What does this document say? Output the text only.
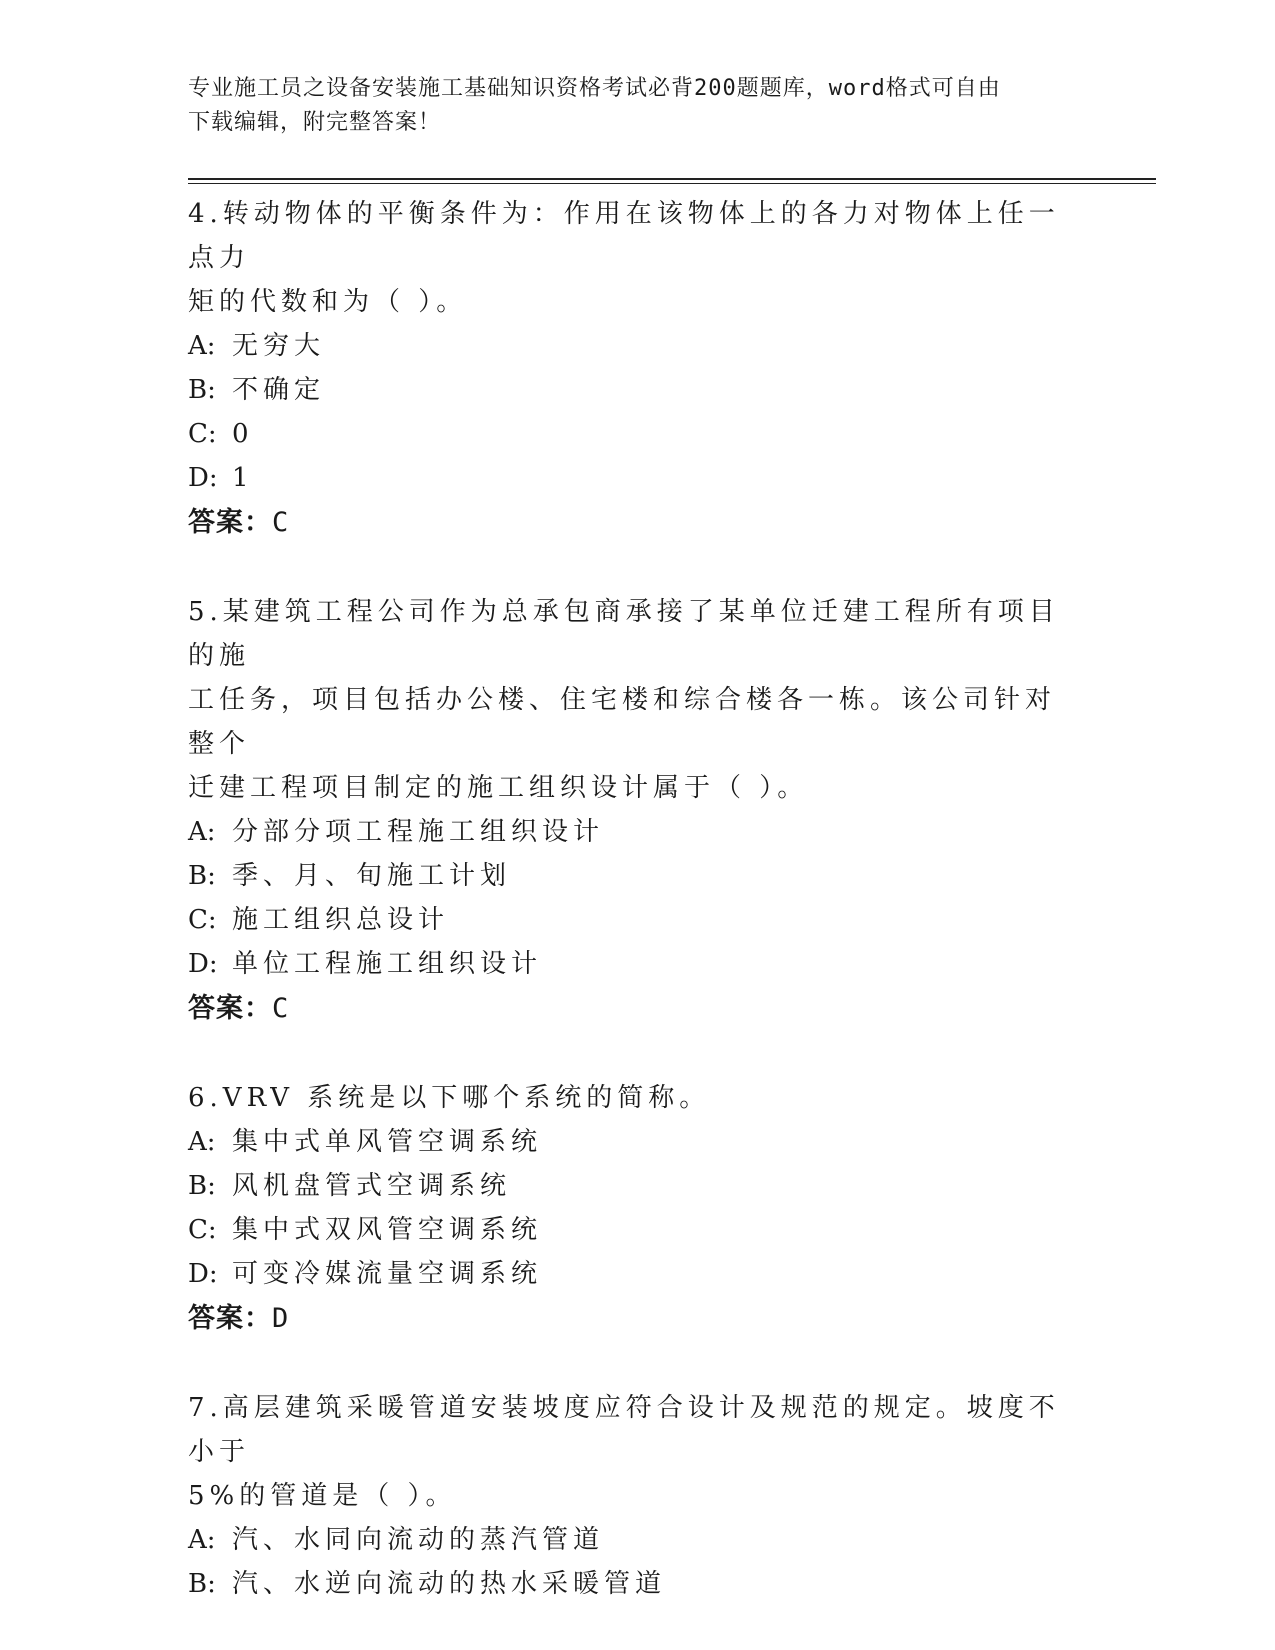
专业施工员之设备安装施工基础知识资格考试必背200题题库，word格式可自由
下载编辑，附完整答案！
4.转动物体的平衡条件为：作用在该物体上的各力对物体上任一点力
矩的代数和为（ ）。
A: 无穷大
B: 不确定
C: 0
D: 1
答案：C
5.某建筑工程公司作为总承包商承接了某单位迁建工程所有项目的施
工任务，项目包括办公楼、住宅楼和综合楼各一栋。该公司针对整个
迁建工程项目制定的施工组织设计属于（ ）。
A: 分部分项工程施工组织设计
B: 季、月、旬施工计划
C: 施工组织总设计
D: 单位工程施工组织设计
答案：C
6.VRV 系统是以下哪个系统的简称。
A: 集中式单风管空调系统
B: 风机盘管式空调系统
C: 集中式双风管空调系统
D: 可变冷媒流量空调系统
答案：D
7.高层建筑采暖管道安装坡度应符合设计及规范的规定。坡度不小于
5%的管道是（ ）。
A: 汽、水同向流动的蒸汽管道
B: 汽、水逆向流动的热水采暖管道
